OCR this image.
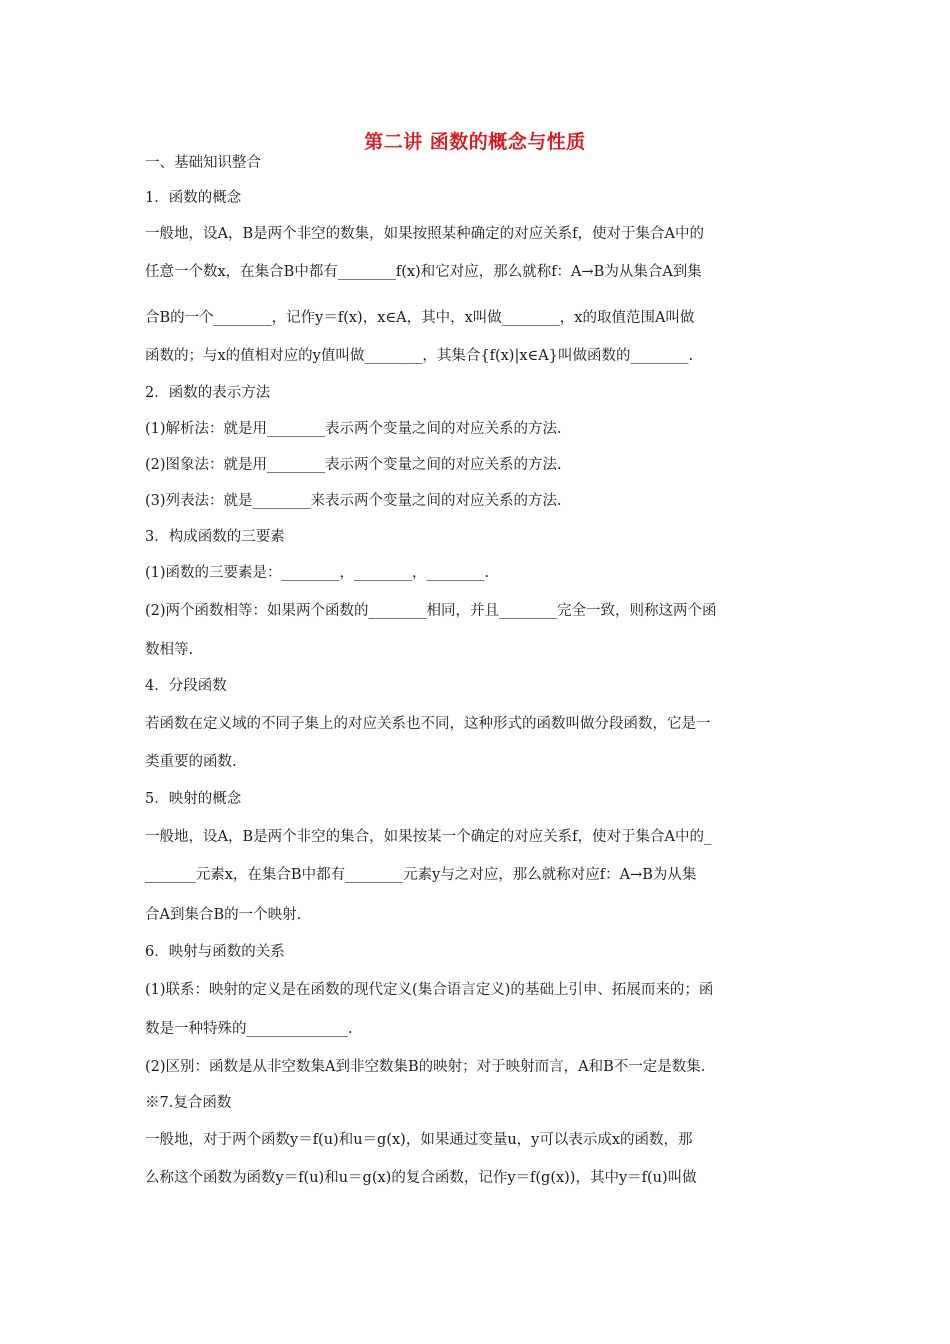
第二讲 函数的概念与性质
一、基础知识整合
1．函数的概念
一般地，设A，B是两个非空的数集，如果按照某种确定的对应关系f，使对于集合A中的
任意一个数x，在集合B中都有________f(x)和它对应，那么就称f：A→B为从集合A到集
合B的一个________，记作y＝f(x)，x∈A，其中，x叫做________，x的取值范围A叫做
函数的；与x的值相对应的y值叫做________，其集合{f(x)|x∈A}叫做函数的________.
2．函数的表示方法
(1)解析法：就是用________表示两个变量之间的对应关系的方法.
(2)图象法：就是用________表示两个变量之间的对应关系的方法.
(3)列表法：就是________来表示两个变量之间的对应关系的方法.
3．构成函数的三要素
(1)函数的三要素是：________，________，________.
(2)两个函数相等：如果两个函数的________相同，并且________完全一致，则称这两个函
数相等.
4．分段函数
若函数在定义域的不同子集上的对应关系也不同，这种形式的函数叫做分段函数，它是一
类重要的函数.
5．映射的概念
一般地，设A，B是两个非空的集合，如果按某一个确定的对应关系f，使对于集合A中的_
_______元素x，在集合B中都有________元素y与之对应，那么就称对应f：A→B为从集
合A到集合B的一个映射.
6．映射与函数的关系
(1)联系：映射的定义是在函数的现代定义(集合语言定义)的基础上引申、拓展而来的；函
数是一种特殊的______________.
(2)区别：函数是从非空数集A到非空数集B的映射；对于映射而言，A和B不一定是数集.
※7.复合函数
一般地，对于两个函数y＝f(u)和u＝g(x)，如果通过变量u，y可以表示成x的函数，那
么称这个函数为函数y＝f(u)和u＝g(x)的复合函数，记作y＝f(g(x))，其中y＝f(u)叫做
